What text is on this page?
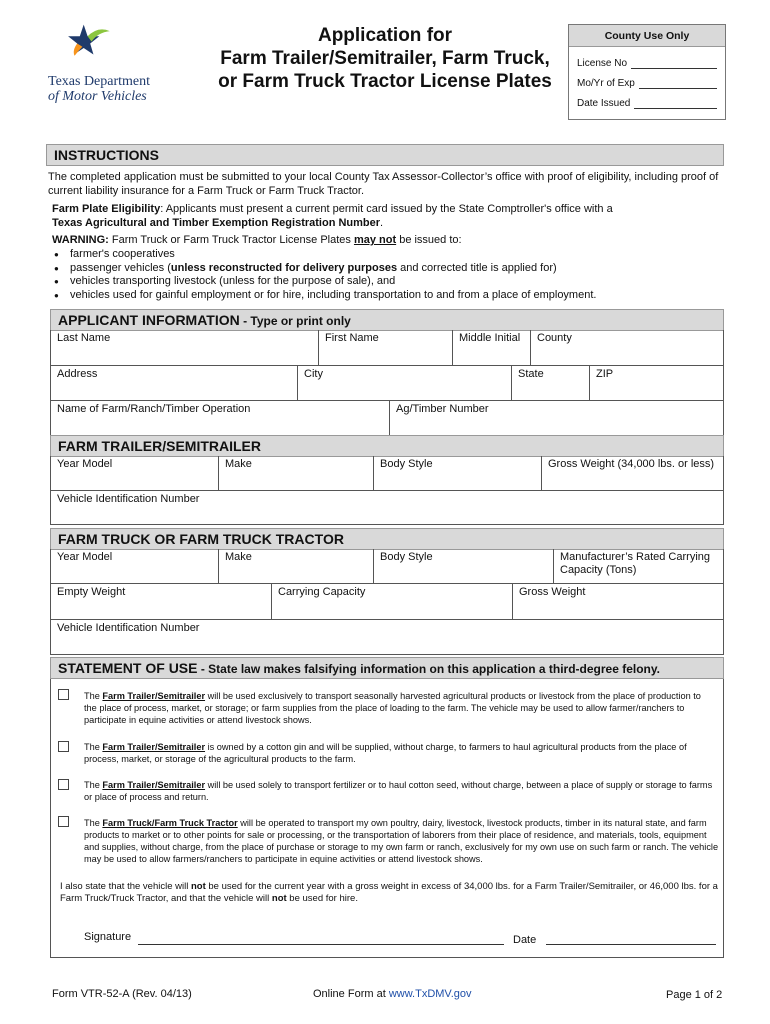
Texas Department
of Motor Vehicles
Application for
Farm Trailer/Semitrailer, Farm Truck,
or Farm Truck Tractor License Plates
County Use Only
License No
Mo/Yr of Exp
Date Issued
INSTRUCTIONS
The completed application must be submitted to your local County Tax Assessor-Collector’s office with proof of eligibility, including proof of current liability insurance for a Farm Truck or Farm Truck Tractor.
Farm Plate Eligibility: Applicants must present a current permit card issued by the State Comptroller's office with a
Texas Agricultural and Timber Exemption Registration Number.
WARNING: Farm Truck or Farm Truck Tractor License Plates may not be issued to:
● farmer's cooperatives
● passenger vehicles (unless reconstructed for delivery purposes and corrected title is applied for)
● vehicles transporting livestock (unless for the purpose of sale), and
● vehicles used for gainful employment or for hire, including transportation to and from a place of employment.
APPLICANT INFORMATION - Type or print only
Last Name	First Name	Middle Initial	County
Address	City	State	ZIP
Name of Farm/Ranch/Timber Operation	Ag/Timber Number
FARM TRAILER/SEMITRAILER
Year Model	Make	Body Style	Gross Weight (34,000 lbs. or less)
Vehicle Identification Number
FARM TRUCK OR FARM TRUCK TRACTOR
Year Model	Make	Body Style	Manufacturer’s Rated Carrying Capacity (Tons)
Empty Weight	Carrying Capacity	Gross Weight
Vehicle Identification Number
STATEMENT OF USE - State law makes falsifying information on this application a third-degree felony.
The Farm Trailer/Semitrailer will be used exclusively to transport seasonally harvested agricultural products or livestock from the place of production to the place of process, market, or storage; or farm supplies from the place of loading to the farm. The vehicle may be used to allow farmer/ranchers to participate in equine activities or attend livestock shows.
The Farm Trailer/Semitrailer is owned by a cotton gin and will be supplied, without charge, to farmers to haul agricultural products from the place of process, market, or storage of the agricultural products to the farm.
The Farm Trailer/Semitrailer will be used solely to transport fertilizer or to haul cotton seed, without charge, between a place of supply or storage to farms or place of process and return.
The Farm Truck/Farm Truck Tractor will be operated to transport my own poultry, dairy, livestock, livestock products, timber in its natural state, and farm products to market or to other points for sale or processing, or the transportation of laborers from their place of residence, and materials, tools, equipment and supplies, without charge, from the place of purchase or storage to my own farm or ranch, exclusively for my own use on such farm or ranch. The vehicle may be used to allow farmers/ranchers to participate in equine activities or attend livestock shows.
I also state that the vehicle will not be used for the current year with a gross weight in excess of 34,000 lbs. for a Farm Trailer/Semitrailer, or 46,000 lbs. for a Farm Truck/Truck Tractor, and that the vehicle will not be used for hire.
Signature	Date
Form VTR-52-A (Rev. 04/13)	Online Form at www.TxDMV.gov	Page 1 of 2
